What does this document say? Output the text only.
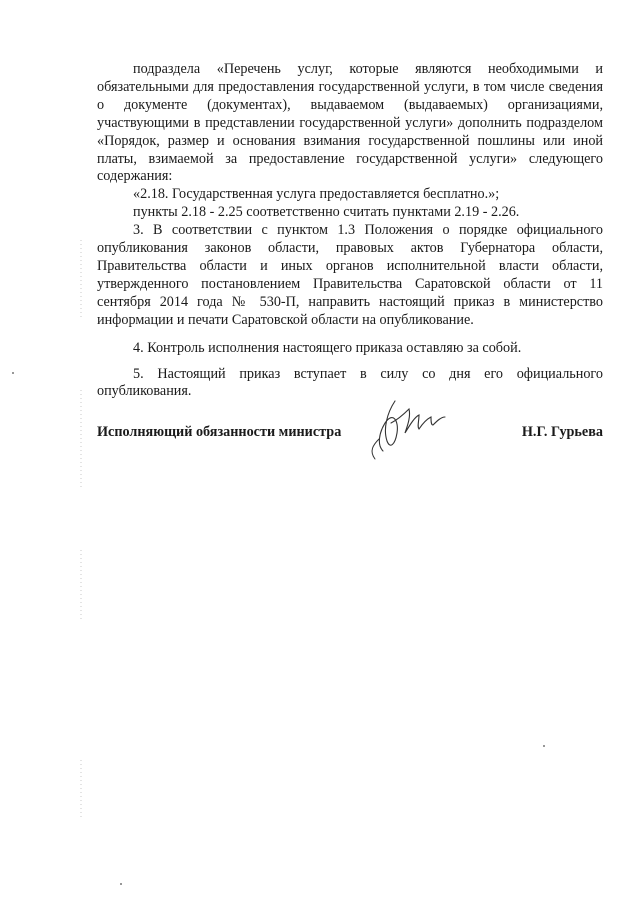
подраздела «Перечень услуг, которые являются необходимыми и обязательными для предоставления государственной услуги, в том числе сведения о документе (документах), выдаваемом (выдаваемых) организациями, участвующими в представлении государственной услуги» дополнить подразделом «Порядок, размер и основания взимания государственной пошлины или иной платы, взимаемой за предоставление государственной услуги» следующего содержания:

«2.18. Государственная услуга предоставляется бесплатно.»;

пункты 2.18 - 2.25 соответственно считать пунктами 2.19 - 2.26.

3. В соответствии с пунктом 1.3 Положения о порядке официального опубликования законов области, правовых актов Губернатора области, Правительства области и иных органов исполнительной власти области, утвержденного постановлением Правительства Саратовской области от 11 сентября 2014 года № 530-П, направить настоящий приказ в министерство информации и печати Саратовской области на опубликование.

4. Контроль исполнения настоящего приказа оставляю за собой.

5. Настоящий приказ вступает в силу со дня его официального опубликования.

Исполняющий обязанности министра	Н.Г. Гурьева
